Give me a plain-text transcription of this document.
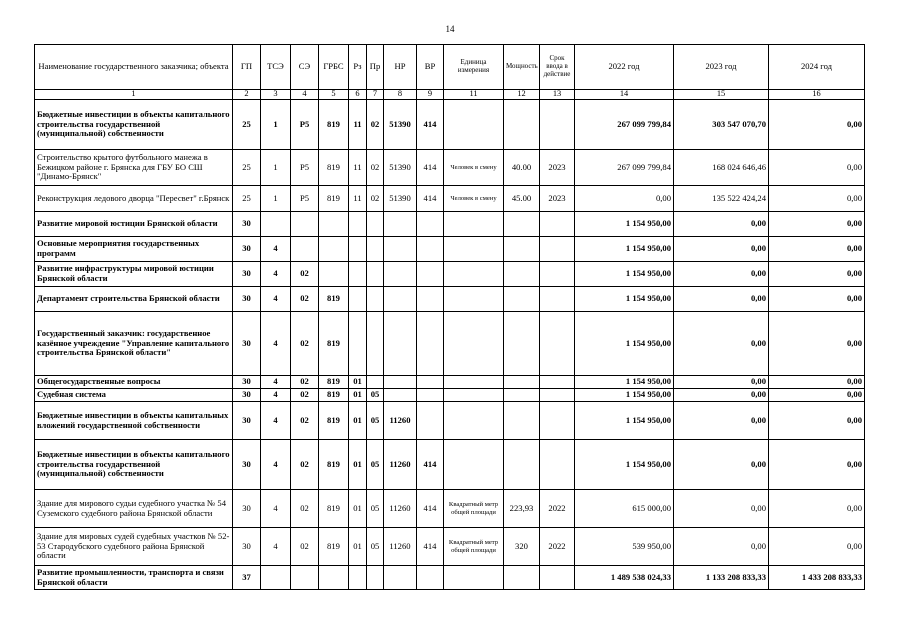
14
Наименование государственного заказчика; объекта	ГП	ТСЭ	СЭ	ГРБС	Рз	Пр	НР	ВР	Единица измерения	Мощность	Срок ввода в действие	2022 год	2023 год	2024 год
1	2	3	4	5	6	7	8	9	11	12	13	14	15	16
Бюджетные инвестиции в объекты капитального строительства государственной (муниципальной) собственности	25	1	Р5	819	11	02	51390	414				267 099 799,84	303 547 070,70	0,00
Строительство крытого футбольного манежа в Бежицком районе г. Брянска для ГБУ БО СШ "Динамо-Брянск"	25	1	Р5	819	11	02	51390	414	Человек в смену	40.00	2023	267 099 799,84	168 024 646,46	0,00
Реконструкция ледового дворца "Пересвет" г.Брянск	25	1	Р5	819	11	02	51390	414	Человек в смену	45.00	2023	0,00	135 522 424,24	0,00
Развитие мировой юстиции Брянской области	30											1 154 950,00	0,00	0,00
Основные мероприятия государственных программ	30	4										1 154 950,00	0,00	0,00
Развитие инфраструктуры мировой юстиции Брянской области	30	4	02									1 154 950,00	0,00	0,00
Департамент строительства Брянской области	30	4	02	819								1 154 950,00	0,00	0,00
Государственный заказчик: государственное казённое учреждение "Управление капитального строительства Брянской области"	30	4	02	819								1 154 950,00	0,00	0,00
Общегосударственные вопросы	30	4	02	819	01							1 154 950,00	0,00	0,00
Судебная система	30	4	02	819	01	05						1 154 950,00	0,00	0,00
Бюджетные инвестиции в объекты капитальных вложений государственной собственности	30	4	02	819	01	05	11260					1 154 950,00	0,00	0,00
Бюджетные инвестиции в объекты капитального строительства государственной (муниципальной) собственности	30	4	02	819	01	05	11260	414				1 154 950,00	0,00	0,00
Здание для мирового судьи судебного участка № 54 Суземского судебного района Брянской области	30	4	02	819	01	05	11260	414	Квадратный метр общей площади	223,93	2022	615 000,00	0,00	0,00
Здание для мировых судей судебных участков № 52-53 Стародубского судебного района Брянской области	30	4	02	819	01	05	11260	414	Квадратный метр общей площади	320	2022	539 950,00	0,00	0,00
Развитие промышленности, транспорта и связи Брянской области	37											1 489 538 024,33	1 133 208 833,33	1 433 208 833,33
